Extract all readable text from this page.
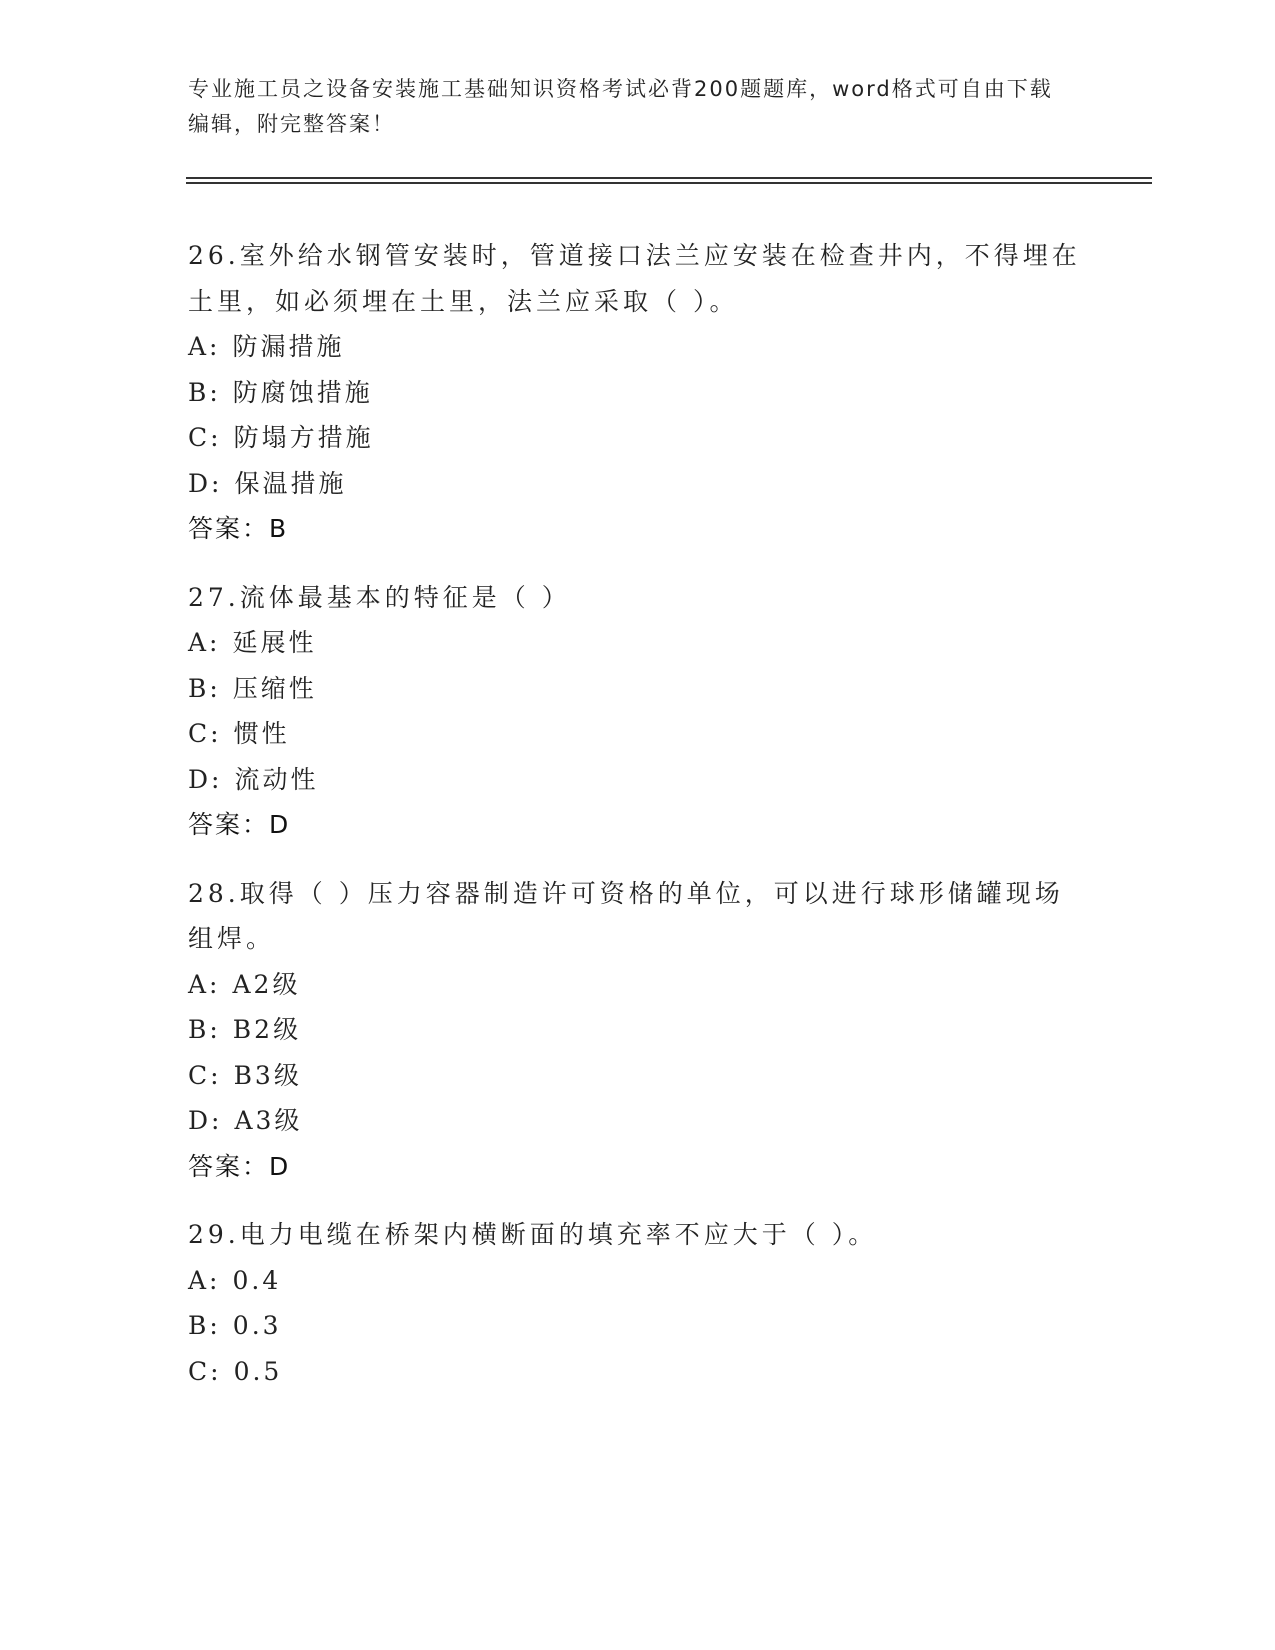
专业施工员之设备安装施工基础知识资格考试必背200题题库，word格式可自由下载编辑，附完整答案！
26.室外给水钢管安装时，管道接口法兰应安装在检查井内，不得埋在土里，如必须埋在土里，法兰应采取（ ）。
A: 防漏措施
B: 防腐蚀措施
C: 防塌方措施
D: 保温措施
答案：B
27.流体最基本的特征是（ ）
A: 延展性
B: 压缩性
C: 惯性
D: 流动性
答案：D
28.取得（ ）压力容器制造许可资格的单位，可以进行球形储罐现场组焊。
A: A2级
B: B2级
C: B3级
D: A3级
答案：D
29.电力电缆在桥架内横断面的填充率不应大于（ ）。
A: 0.4
B: 0.3
C: 0.5
